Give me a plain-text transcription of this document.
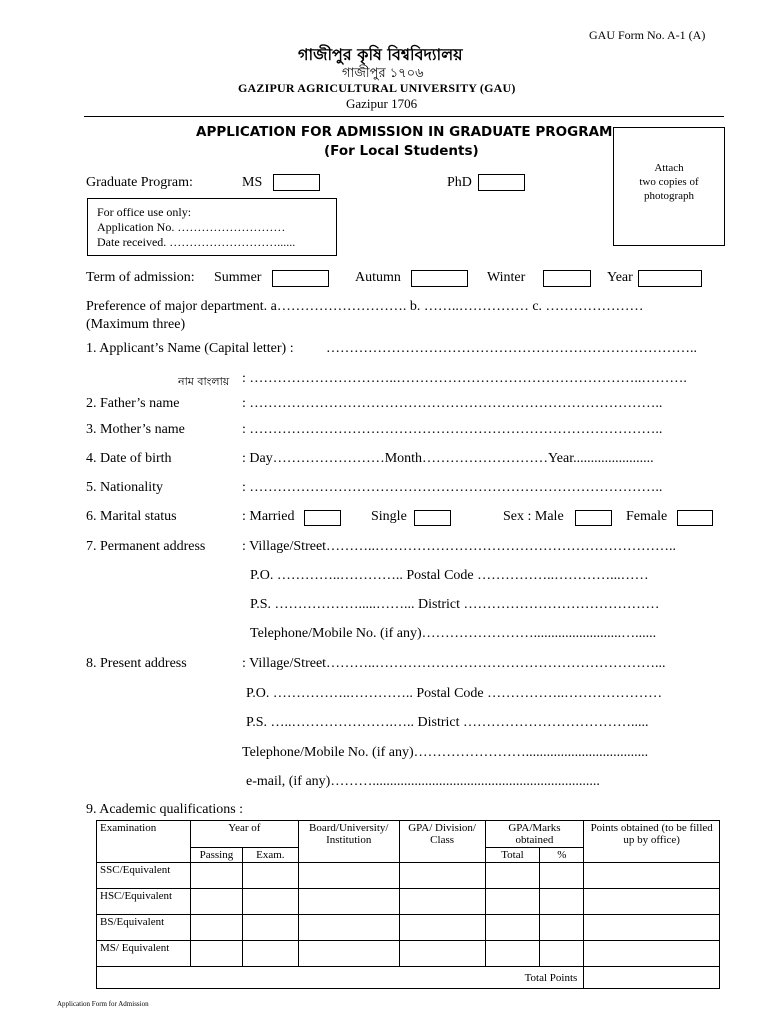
GAU Form No. A-1 (A)
গাজীপুর কৃষি বিশ্ববিদ্যালয়
গাজীপুর ১৭০৬
GAZIPUR AGRICULTURAL UNIVERSITY (GAU)
Gazipur 1706
APPLICATION FOR ADMISSION IN GRADUATE PROGRAM
(For Local Students)
Attach
two copies of
photograph
Graduate Program:	MS	PhD
For office use only:
Application No. ………………………
Date received. ………………………......
Term of admission: Summer	Autumn	Winter	Year
Preference of major department. a………………………. b. ……..…………… c. …………………
(Maximum three)
1. Applicant’s Name (Capital letter) : ……………………………………………………………………..
নাম বাংলায় : …………………………..……………………………………………..……….
2. Father’s name	: ……………………………………………………………………………..
3. Mother’s name	: ……………………………………………………………………………..
4. Date of birth	: Day……………………Month………………………Year.......................
5. Nationality	: ……………………………………………………………………………..
6. Marital status	: Married	Single	Sex : Male	Female
7. Permanent address	: Village/Street………..………………………………………………………..
P.O. …………..………….. Postal Code ……………..…………...……
P.S. ……………….....……... District ……………………………………
Telephone/Mobile No. (if any)…………………….........................…......
8. Present address	: Village/Street………..……………………………………………………...
P.O. ……………..………….. Postal Code ……………..…………………
P.S. …..………………….….. District ……………………………….....
Telephone/Mobile No. (if any)……………………...................................
e-mail, (if any)……….................................................................
9. Academic qualifications :
Examination	Year of		Board/University/ Institution	GPA/ Division/ Class	GPA/Marks obtained		Points obtained (to be filled up by office)
	Passing	Exam.			Total	%	
SSC/Equivalent							
HSC/Equivalent							
BS/Equivalent							
MS/ Equivalent							
Total Points							
Application Form for Admission
